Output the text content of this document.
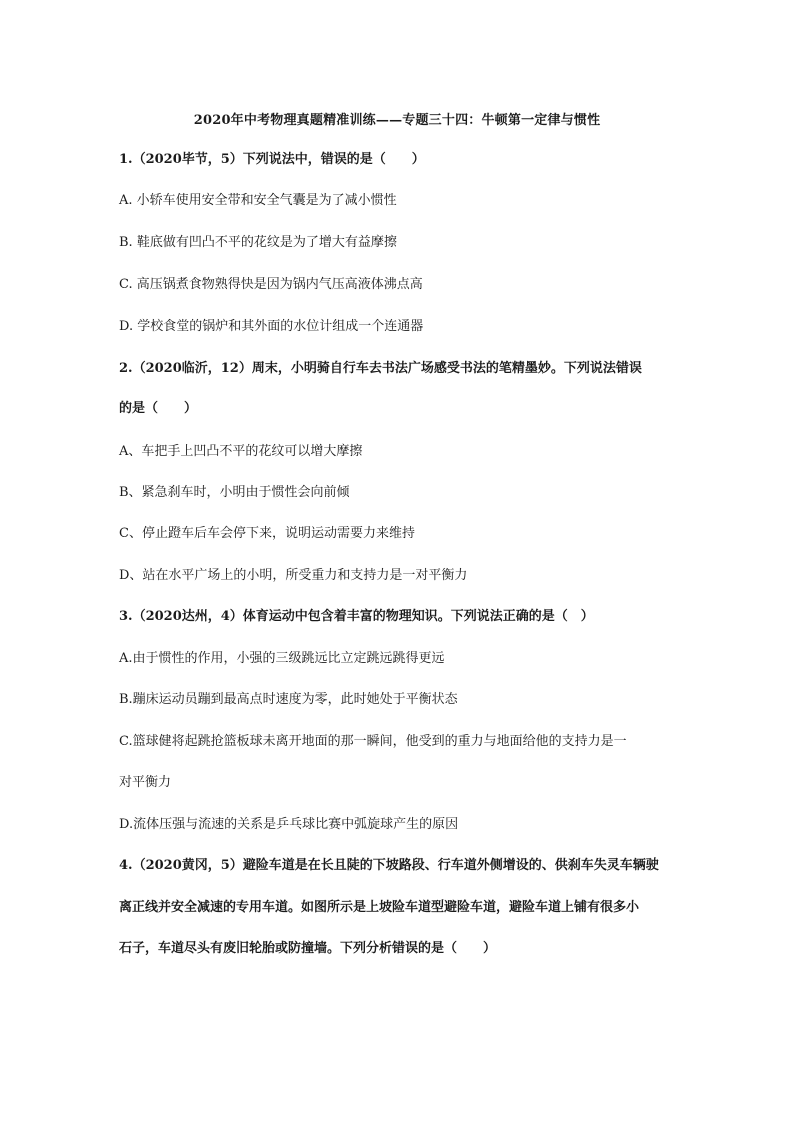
2020年中考物理真题精准训练——专题三十四：牛顿第一定律与惯性
1.（2020毕节，5）下列说法中，错误的是（　　）
A. 小轿车使用安全带和安全气囊是为了减小惯性
B. 鞋底做有凹凸不平的花纹是为了增大有益摩擦
C. 高压锅煮食物熟得快是因为锅内气压高液体沸点高
D. 学校食堂的锅炉和其外面的水位计组成一个连通器
2.（2020临沂，12）周末，小明骑自行车去书法广场感受书法的笔精墨妙。下列说法错误
的是（　　）
A、车把手上凹凸不平的花纹可以增大摩擦
B、紧急刹车时，小明由于惯性会向前倾
C、停止蹬车后车会停下来，说明运动需要力来维持
D、站在水平广场上的小明，所受重力和支持力是一对平衡力
3.（2020达州，4）体育运动中包含着丰富的物理知识。下列说法正确的是（　）
A.由于惯性的作用，小强的三级跳远比立定跳远跳得更远
B.蹦床运动员蹦到最高点时速度为零，此时她处于平衡状态
C.篮球健将起跳抢篮板球未离开地面的那一瞬间，他受到的重力与地面给他的支持力是一
对平衡力
D.流体压强与流速的关系是乒乓球比赛中弧旋球产生的原因
4.（2020黄冈，5）避险车道是在长且陡的下坡路段、行车道外侧增设的、供刹车失灵车辆驶
离正线并安全减速的专用车道。如图所示是上坡险车道型避险车道，避险车道上铺有很多小
石子，车道尽头有废旧轮胎或防撞墙。下列分析错误的是（　　）
